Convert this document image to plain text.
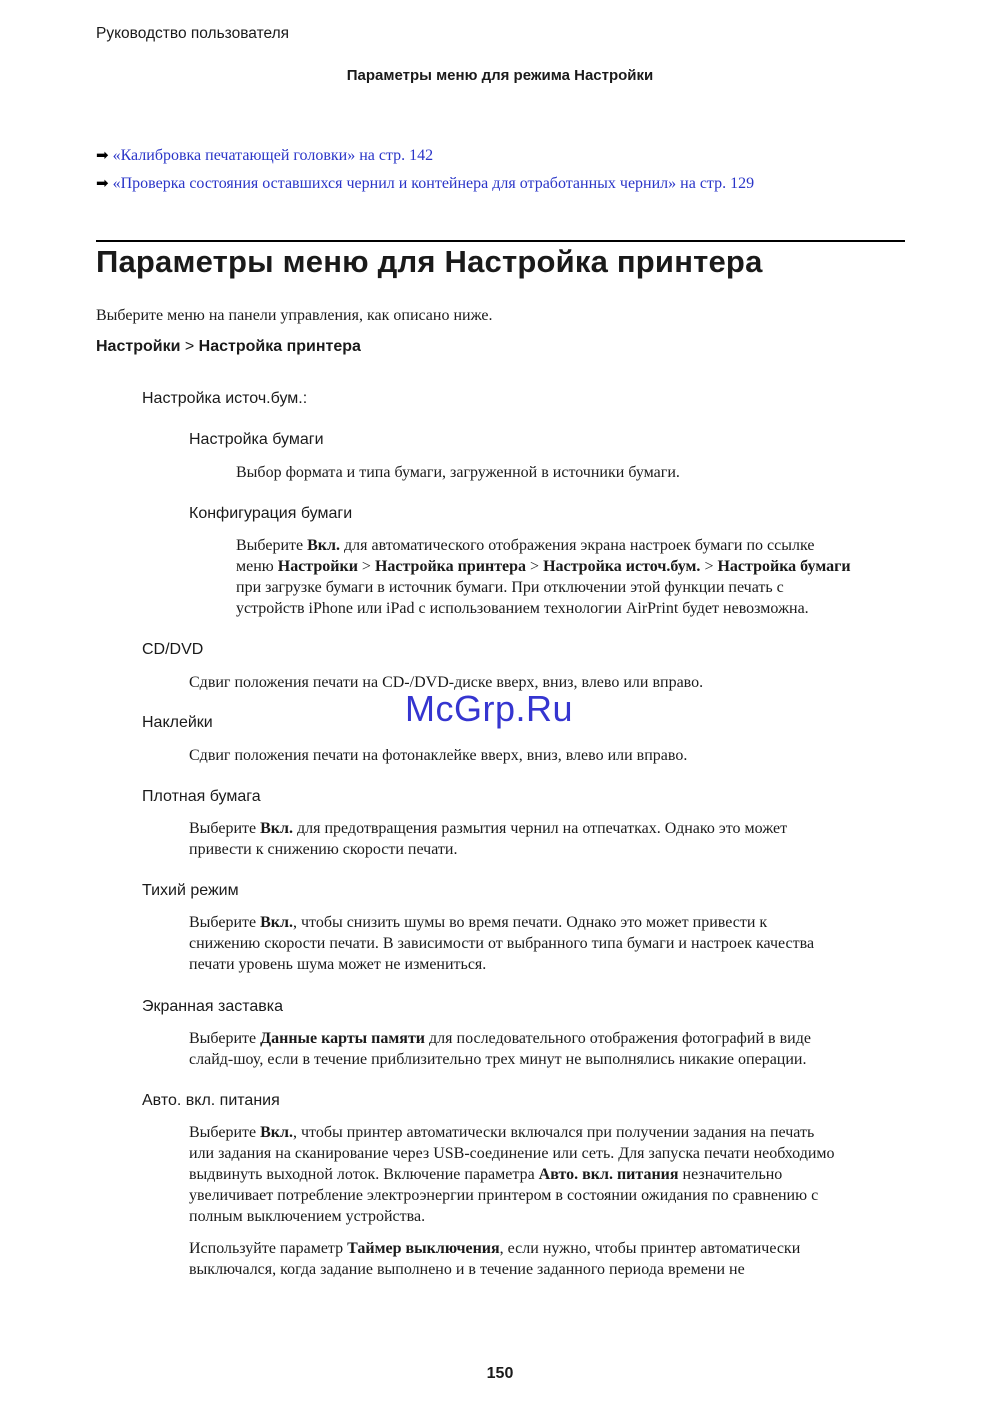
Руководство пользователя
Параметры меню для режима Настройки
➡ «Калибровка печатающей головки» на стр. 142
➡ «Проверка состояния оставшихся чернил и контейнера для отработанных чернил» на стр. 129
Параметры меню для Настройка принтера
Выберите меню на панели управления, как описано ниже.
Настройки > Настройка принтера
Настройка источ.бум.:
Настройка бумаги
Выбор формата и типа бумаги, загруженной в источники бумаги.
Конфигурация бумаги
Выберите Вкл. для автоматического отображения экрана настроек бумаги по ссылке
меню Настройки > Настройка принтера > Настройка источ.бум. > Настройка бумаги
при загрузке бумаги в источник бумаги. При отключении этой функции печать с
устройств iPhone или iPad с использованием технологии AirPrint будет невозможна.
CD/DVD
Сдвиг положения печати на CD-/DVD-диске вверх, вниз, влево или вправо.
Наклейки
Сдвиг положения печати на фотонаклейке вверх, вниз, влево или вправо.
Плотная бумага
Выберите Вкл. для предотвращения размытия чернил на отпечатках. Однако это может
привести к снижению скорости печати.
Тихий режим
Выберите Вкл., чтобы снизить шумы во время печати. Однако это может привести к
снижению скорости печати. В зависимости от выбранного типа бумаги и настроек качества
печати уровень шума может не измениться.
Экранная заставка
Выберите Данные карты памяти для последовательного отображения фотографий в виде
слайд-шоу, если в течение приблизительно трех минут не выполнялись никакие операции.
Авто. вкл. питания
Выберите Вкл., чтобы принтер автоматически включался при получении задания на печать
или задания на сканирование через USB-соединение или сеть. Для запуска печати необходимо
выдвинуть выходной лоток. Включение параметра Авто. вкл. питания незначительно
увеличивает потребление электроэнергии принтером в состоянии ожидания по сравнению с
полным выключением устройства.
Используйте параметр Таймер выключения, если нужно, чтобы принтер автоматически
выключался, когда задание выполнено и в течение заданного периода времени не
McGrp.Ru
150
